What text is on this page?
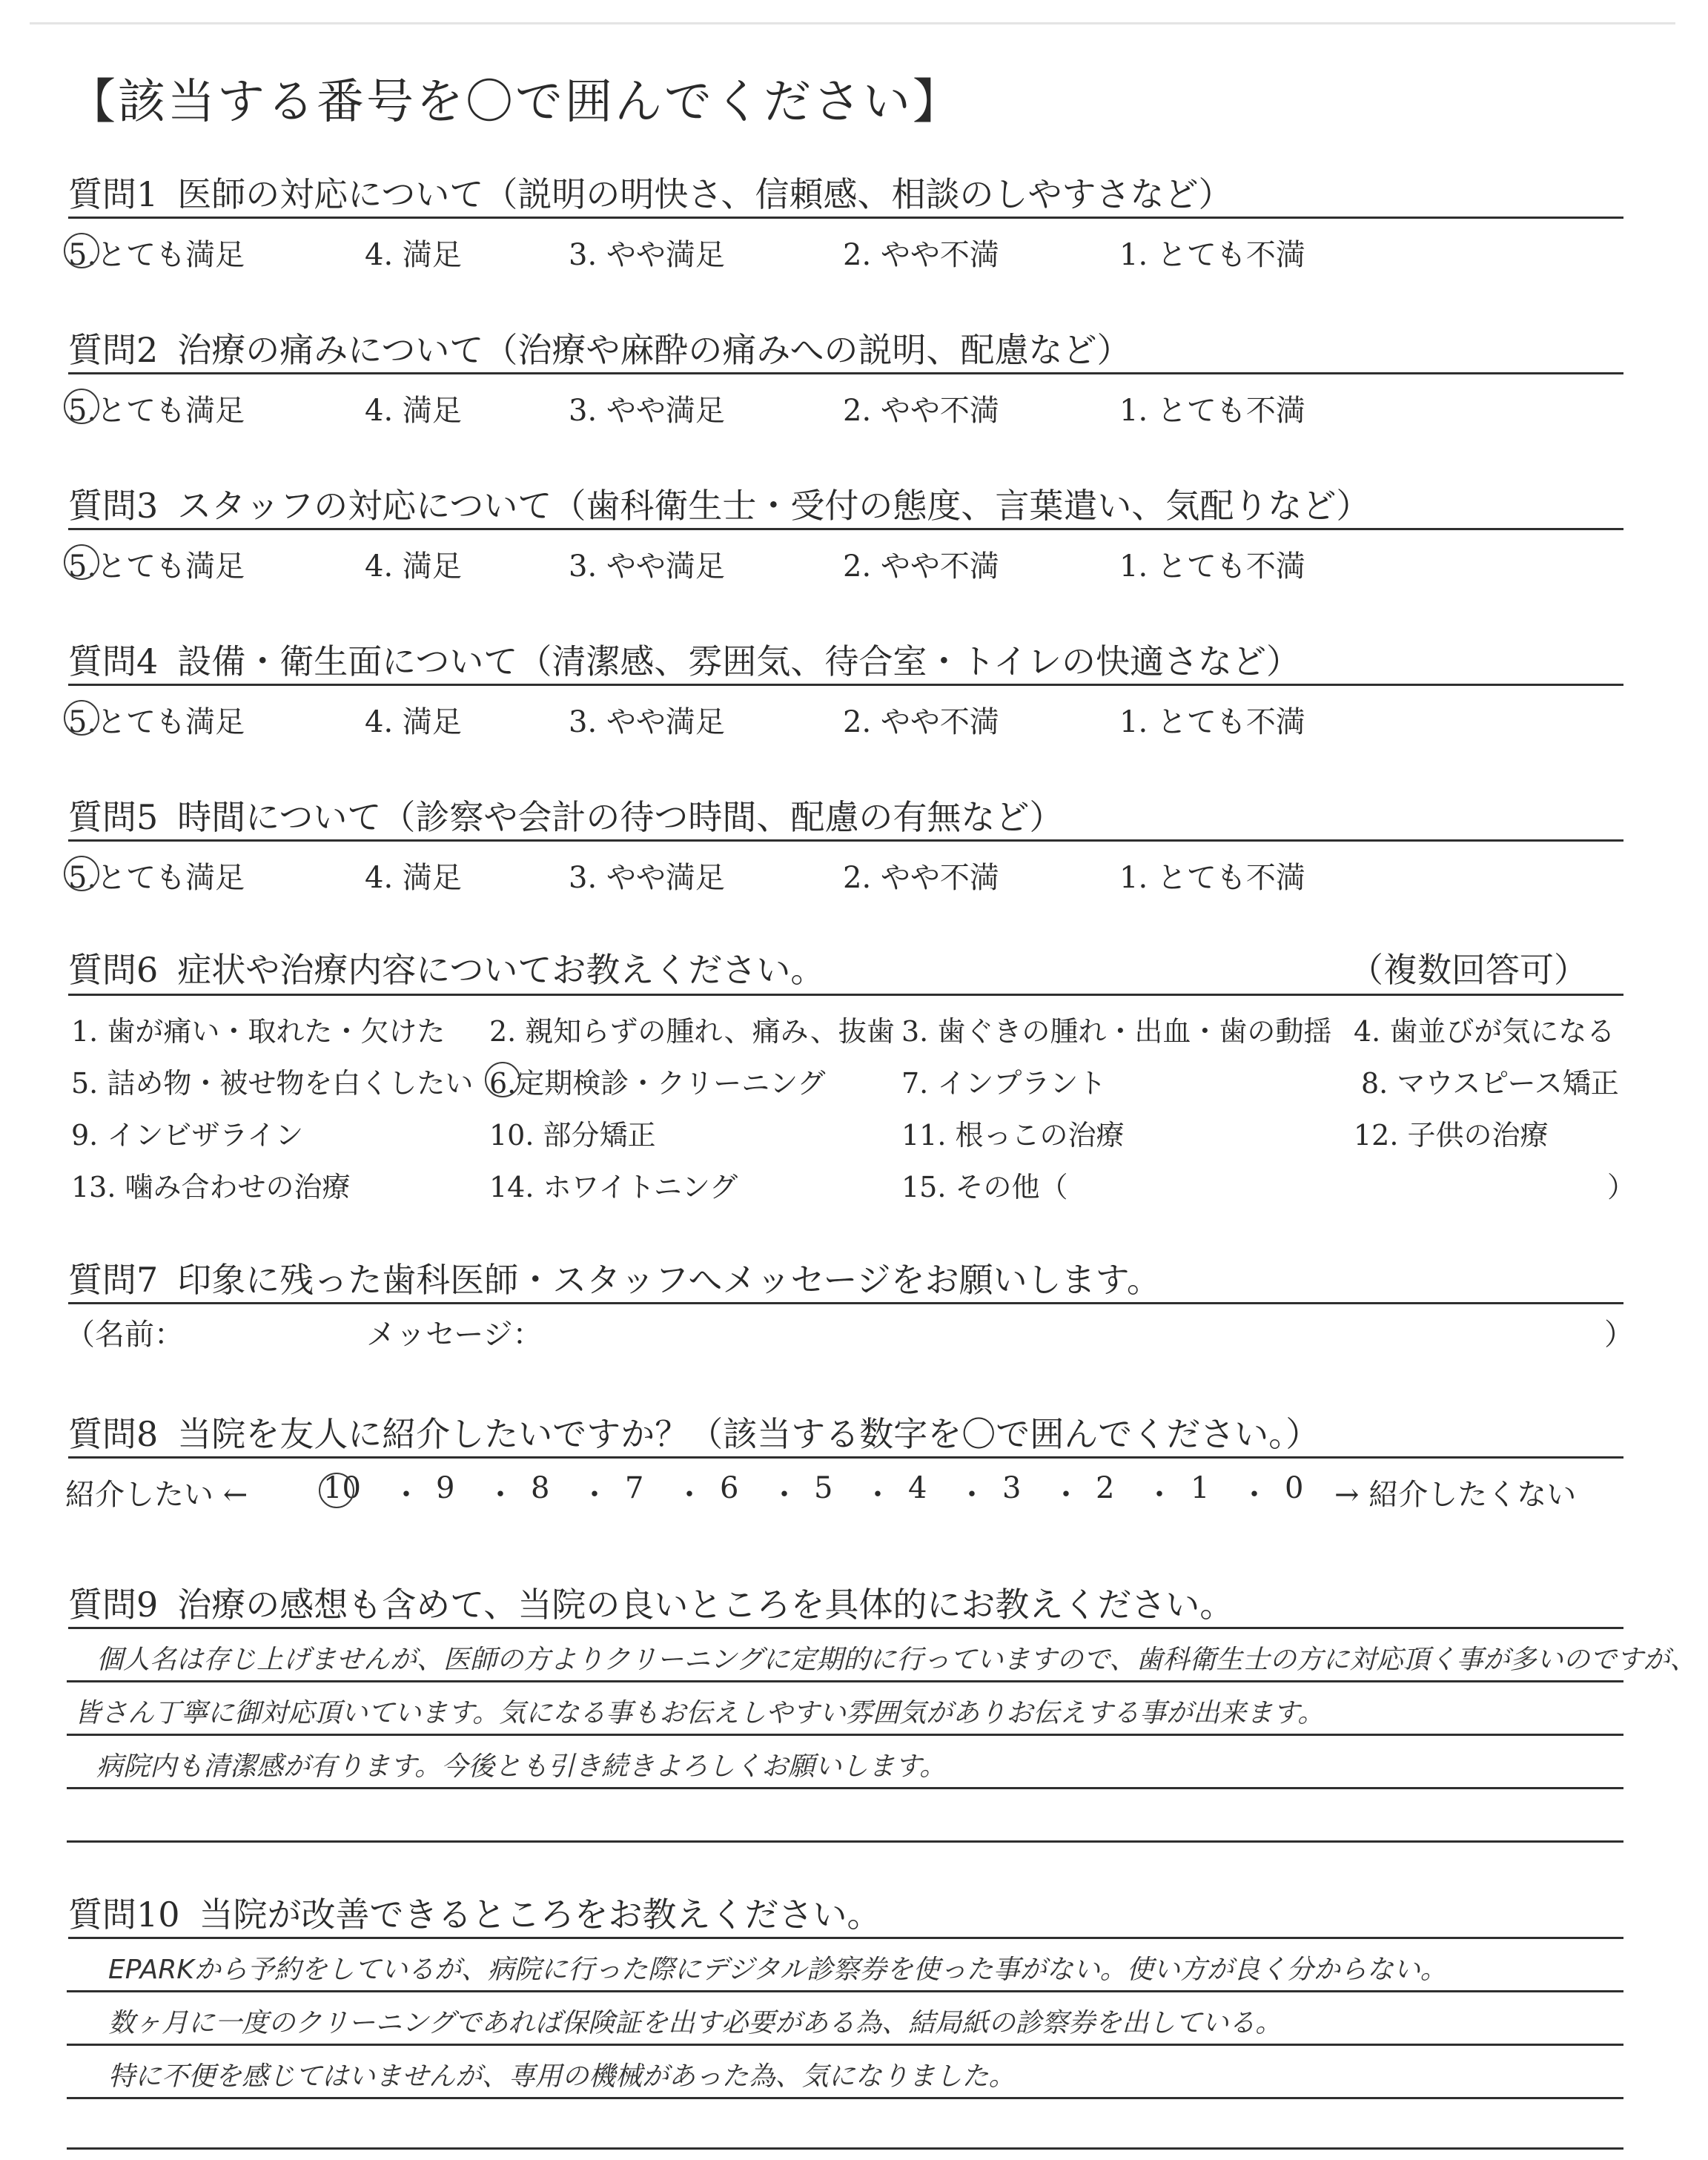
【該当する番号を〇で囲んでください】
質問1 医師の対応について（説明の明快さ、信頼感、相談のしやすさなど）
5.とても満足	4. 満足	3. やや満足	2. やや不満	1. とても不満
質問2 治療の痛みについて（治療や麻酔の痛みへの説明、配慮など）
5.とても満足	4. 満足	3. やや満足	2. やや不満	1. とても不満
質問3 スタッフの対応について（歯科衛生士・受付の態度、言葉遣い、気配りなど）
5.とても満足	4. 満足	3. やや満足	2. やや不満	1. とても不満
質問4 設備・衛生面について（清潔感、雰囲気、待合室・トイレの快適さなど）
5.とても満足	4. 満足	3. やや満足	2. やや不満	1. とても不満
質問5 時間について（診察や会計の待つ時間、配慮の有無など）
5.とても満足	4. 満足	3. やや満足	2. やや不満	1. とても不満
質問6 症状や治療内容についてお教えください。	（複数回答可）
1. 歯が痛い・取れた・欠けた 2. 親知らずの腫れ、痛み、抜歯 3. 歯ぐきの腫れ・出血・歯の動揺 4. 歯並びが気になる
5. 詰め物・被せ物を白くしたい 6.定期検診・クリーニング	7. インプラント	8. マウスピース矯正
9. インビザライン	10. 部分矯正	11. 根っこの治療	12. 子供の治療
13. 噛み合わせの治療	14. ホワイトニング	15. その他（	）
質問7 印象に残った歯科医師・スタッフへメッセージをお願いします。
（名前：	メッセージ：	）
質問8 当院を友人に紹介したいですか？（該当する数字を〇で囲んでください。）
紹介したい ←	10 ・ 9 ・ 8 ・ 7 ・ 6 ・ 5 ・ 4 ・ 3 ・ 2 ・ 1 ・ 0 → 紹介したくない
質問9 治療の感想も含めて、当院の良いところを具体的にお教えください。
個人名は存じ上げませんが、医師の方よりクリーニングに定期的に行っていますので、歯科衛生士の方に対応頂く事が多いのですが、
皆さん丁寧に御対応頂いています。気になる事もお伝えしやすい雰囲気がありお伝えする事が出来ます。
病院内も清潔感が有ります。今後とも引き続きよろしくお願いします。
質問10 当院が改善できるところをお教えください。
EPARKから予約をしているが、病院に行った際にデジタル診察券を使った事がない。使い方が良く分からない。
数ヶ月に一度のクリーニングであれば保険証を出す必要がある為、結局紙の診察券を出している。
特に不便を感じてはいませんが、専用の機械があった為、気になりました。
